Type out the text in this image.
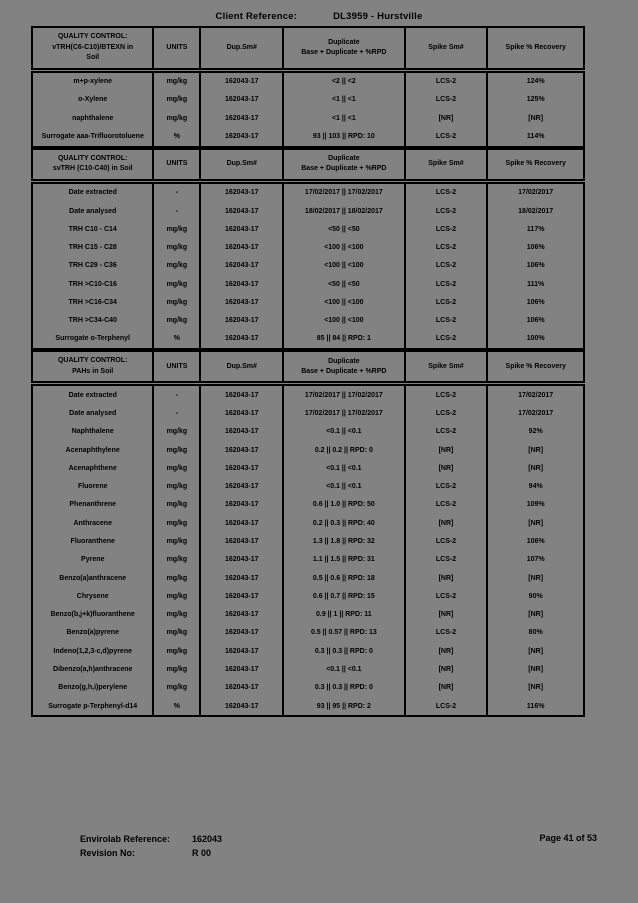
Client Reference:	DL3959 - Hurstville
QUALITY CONTROL:
vTRH(C6-C10)/BTEXN in
Soil
	UNITS	Dup.Sm#	
Duplicate
Base + Duplicate + %RPD
	Spike Sm#	Spike % Recovery
m+p-xylene	mg/kg	162043-17	<2 || <2	LCS-2	124%
o-Xylene	mg/kg	162043-17	<1 || <1	LCS-2	125%
naphthalene	mg/kg	162043-17	<1 || <1	[NR]	[NR]
Surrogate aaa-Trifluorotoluene	%	162043-17	93 || 103 || RPD: 10	LCS-2	114%
QUALITY CONTROL:
svTRH (C10-C40) in Soil
	UNITS	Dup.Sm#	
Duplicate
Base + Duplicate + %RPD
	Spike Sm#	Spike % Recovery
Date extracted	-	162043-17	17/02/2017 || 17/02/2017	LCS-2	17/02/2017
Date analysed	-	162043-17	18/02/2017 || 18/02/2017	LCS-2	18/02/2017
TRH C10 - C14	mg/kg	162043-17	<50 || <50	LCS-2	117%
TRH C15 - C28	mg/kg	162043-17	<100 || <100	LCS-2	106%
TRH C29 - C36	mg/kg	162043-17	<100 || <100	LCS-2	106%
TRH >C10-C16	mg/kg	162043-17	<50 || <50	LCS-2	111%
TRH >C16-C34	mg/kg	162043-17	<100 || <100	LCS-2	106%
TRH >C34-C40	mg/kg	162043-17	<100 || <100	LCS-2	106%
Surrogate o-Terphenyl	%	162043-17	85 || 84 || RPD: 1	LCS-2	100%
QUALITY CONTROL:
PAHs in Soil
	UNITS	Dup.Sm#	
Duplicate
Base + Duplicate + %RPD
	Spike Sm#	Spike % Recovery
Date extracted	-	162043-17	17/02/2017 || 17/02/2017	LCS-2	17/02/2017
Date analysed	-	162043-17	17/02/2017 || 17/02/2017	LCS-2	17/02/2017
Naphthalene	mg/kg	162043-17	<0.1 || <0.1	LCS-2	92%
Acenaphthylene	mg/kg	162043-17	0.2 || 0.2 || RPD: 0	[NR]	[NR]
Acenaphthene	mg/kg	162043-17	<0.1 || <0.1	[NR]	[NR]
Fluorene	mg/kg	162043-17	<0.1 || <0.1	LCS-2	94%
Phenanthrene	mg/kg	162043-17	0.6 || 1.0 || RPD: 50	LCS-2	109%
Anthracene	mg/kg	162043-17	0.2 || 0.3 || RPD: 40	[NR]	[NR]
Fluoranthene	mg/kg	162043-17	1.3 || 1.8 || RPD: 32	LCS-2	106%
Pyrene	mg/kg	162043-17	1.1 || 1.5 || RPD: 31	LCS-2	107%
Benzo(a)anthracene	mg/kg	162043-17	0.5 || 0.6 || RPD: 18	[NR]	[NR]
Chrysene	mg/kg	162043-17	0.6 || 0.7 || RPD: 15	LCS-2	90%
Benzo(b,j+k)fluoranthene	mg/kg	162043-17	0.9 || 1 || RPD: 11	[NR]	[NR]
Benzo(a)pyrene	mg/kg	162043-17	0.5 || 0.57 || RPD: 13	LCS-2	80%
Indeno(1,2,3-c,d)pyrene	mg/kg	162043-17	0.3 || 0.3 || RPD: 0	[NR]	[NR]
Dibenzo(a,h)anthracene	mg/kg	162043-17	<0.1 || <0.1	[NR]	[NR]
Benzo(g,h,i)perylene	mg/kg	162043-17	0.3 || 0.3 || RPD: 0	[NR]	[NR]
Surrogate p-Terphenyl-d14	%	162043-17	93 || 95 || RPD: 2	LCS-2	116%
Envirolab Reference:	162043
Revision No:	R 00
Page 41 of 53
